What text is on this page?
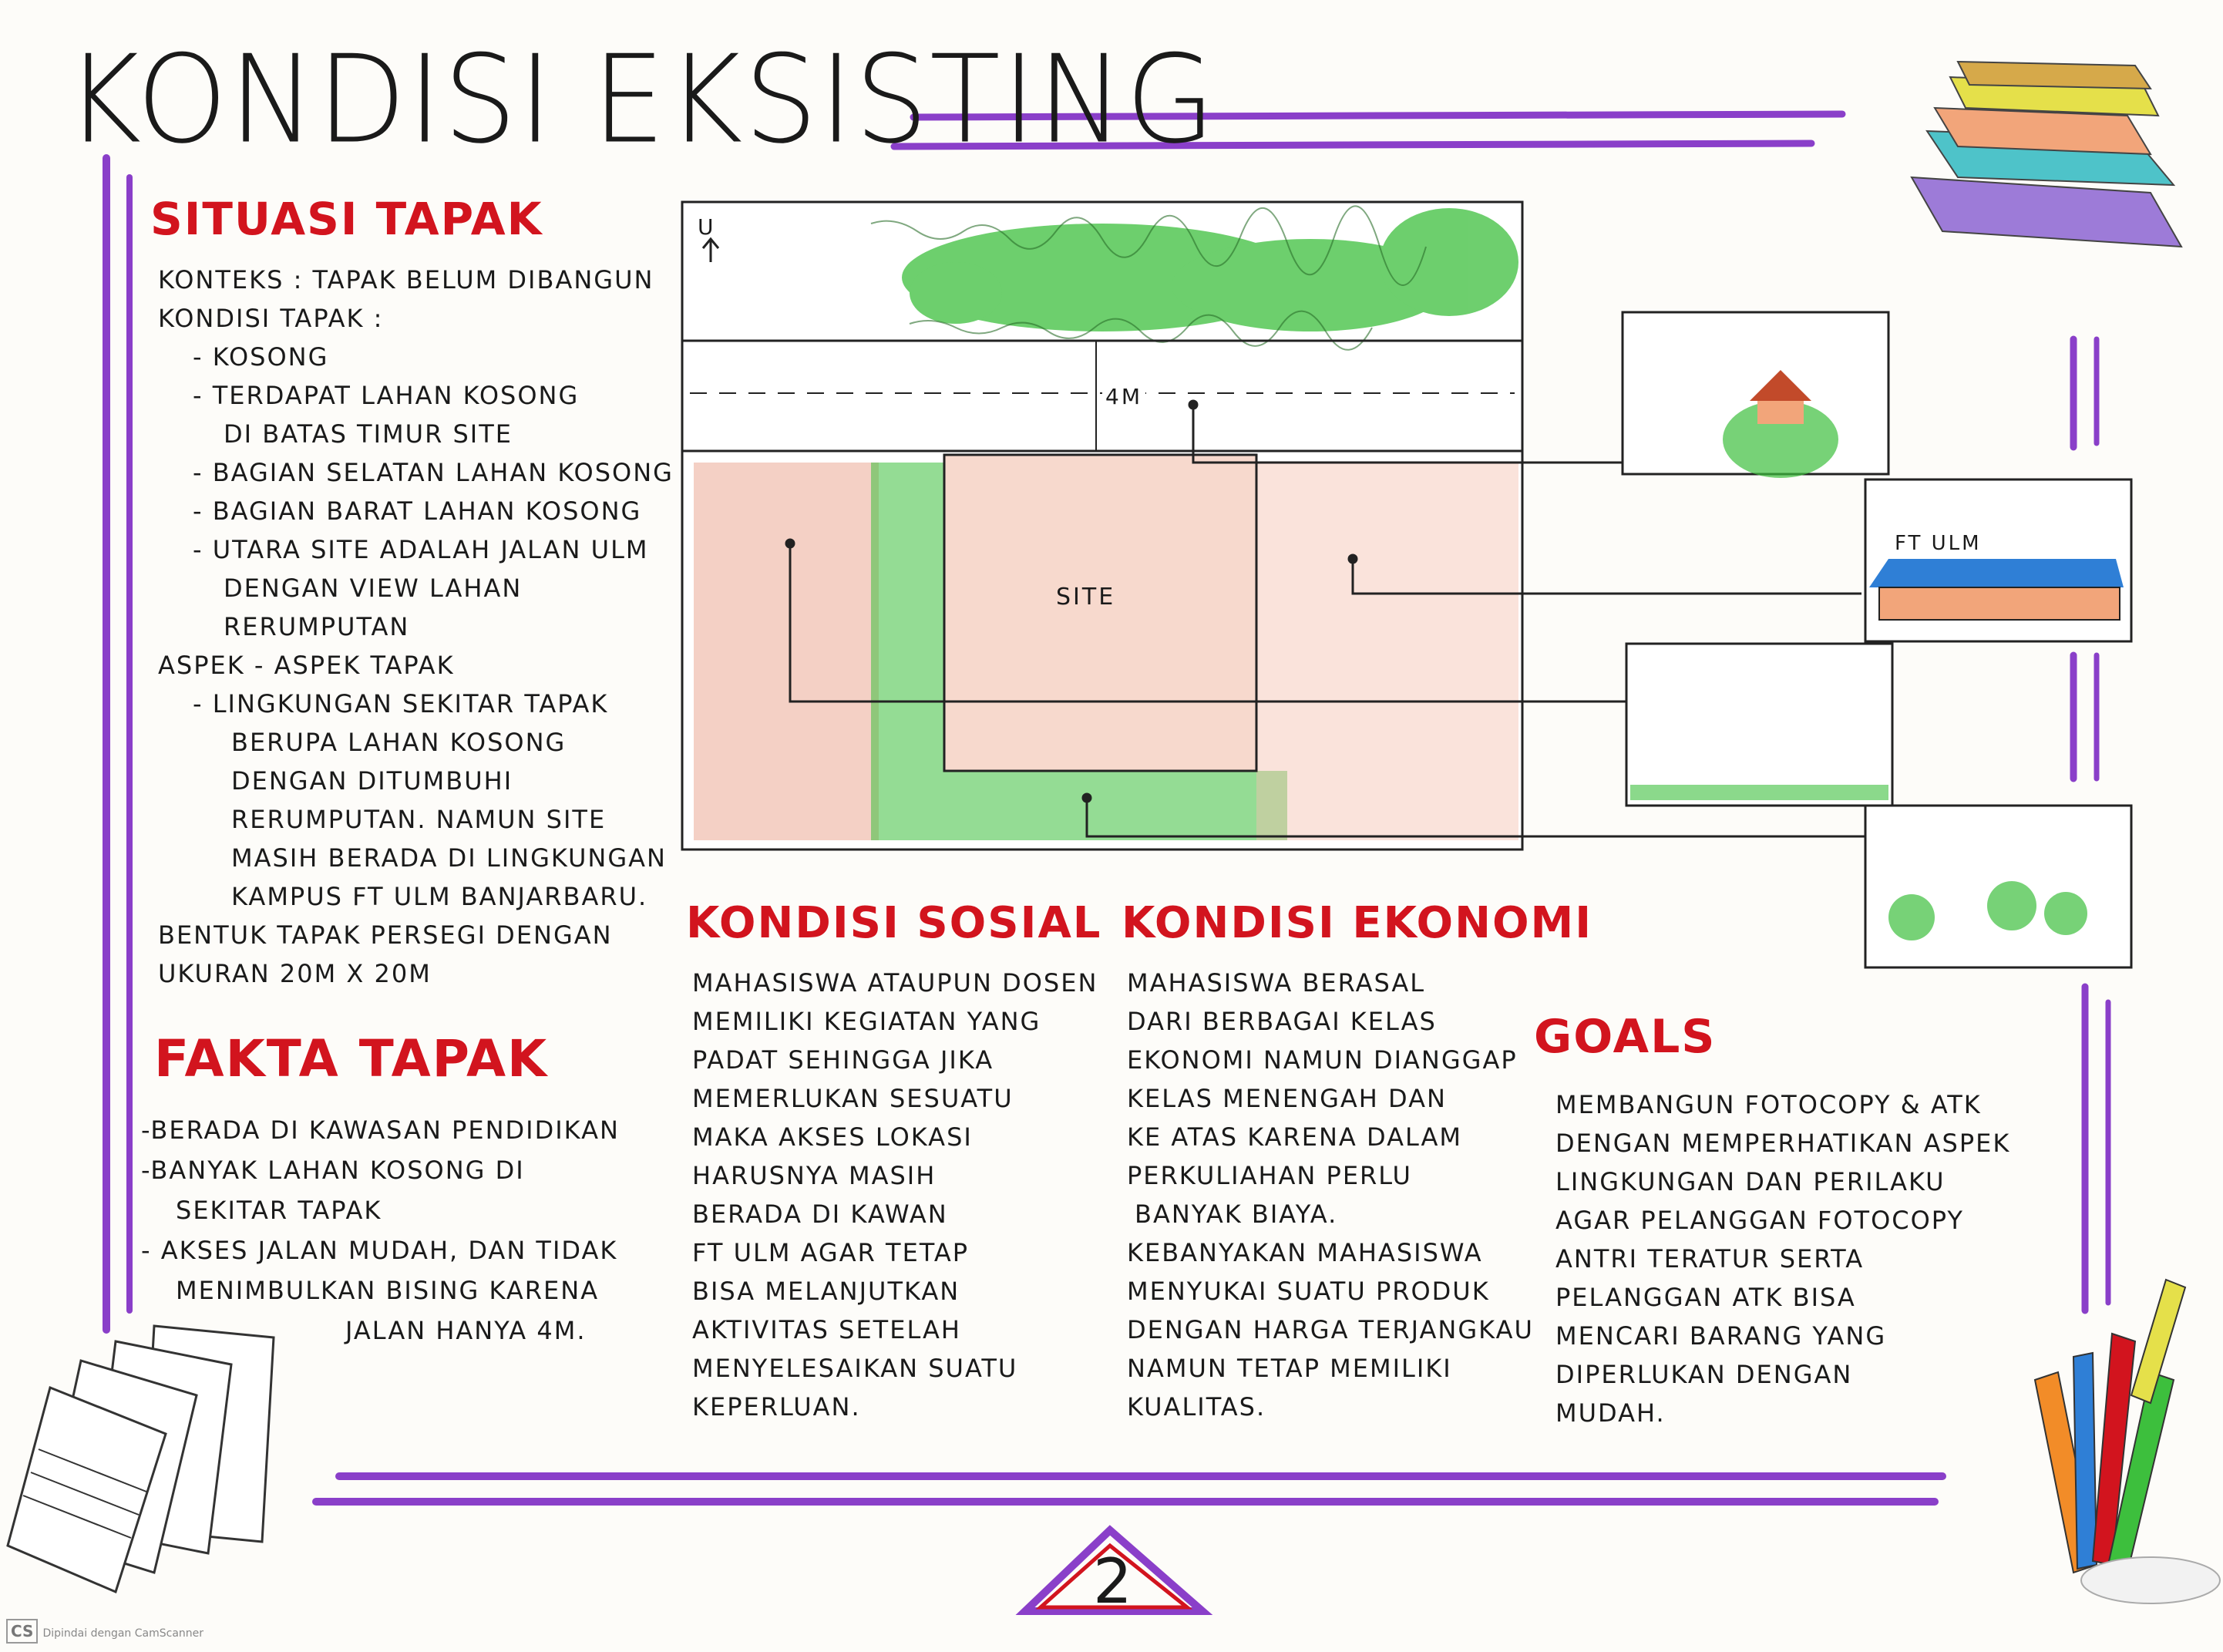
KONDISI EKSISTING
SITUASI TAPAK

KONTEKS : TAPAK BELUM DIBANGUN

KONDISI TAPAK :

- KOSONG

- TERDAPAT LAHAN KOSONG

DI BATAS TIMUR SITE

- BAGIAN SELATAN LAHAN KOSONG

- BAGIAN BARAT LAHAN KOSONG

- UTARA SITE ADALAH JALAN ULM

DENGAN VIEW LAHAN

RERUMPUTAN

ASPEK - ASPEK TAPAK

- LINGKUNGAN SEKITAR TAPAK

BERUPA LAHAN KOSONG

DENGAN DITUMBUHI

RERUMPUTAN. NAMUN SITE

MASIH BERADA DI LINGKUNGAN

KAMPUS FT ULM BANJARBARU.

BENTUK TAPAK PERSEGI DENGAN

UKURAN 20M X 20M

FAKTA TAPAK

-BERADA DI KAWASAN PENDIDIKAN

-BANYAK LAHAN KOSONG DI

SEKITAR TAPAK

- AKSES JALAN MUDAH, DAN TIDAK

MENIMBULKAN BISING KARENA

JALAN HANYA 4M.

KONDISI SOSIAL

MAHASISWA ATAUPUN DOSEN

MEMILIKI KEGIATAN YANG

PADAT SEHINGGA JIKA

MEMERLUKAN SESUATU

MAKA AKSES LOKASI

HARUSNYA MASIH

BERADA DI KAWAN

FT ULM AGAR TETAP

BISA MELANJUTKAN

AKTIVITAS SETELAH

MENYELESAIKAN SUATU

KEPERLUAN.

KONDISI EKONOMI

MAHASISWA BERASAL

DARI BERBAGAI KELAS

EKONOMI NAMUN DIANGGAP

KELAS MENENGAH DAN

KE ATAS KARENA DALAM

PERKULIAHAN PERLU

BANYAK BIAYA.

KEBANYAKAN MAHASISWA

MENYUKAI SUATU PRODUK

DENGAN HARGA TERJANGKAU

NAMUN TETAP MEMILIKI

KUALITAS.

GOALS

MEMBANGUN FOTOCOPY & ATK

DENGAN MEMPERHATIKAN ASPEK

LINGKUNGAN DAN PERILAKU

AGAR PELANGGAN FOTOCOPY

ANTRI TERATUR SERTA

PELANGGAN ATK BISA

MENCARI BARANG YANG

DIPERLUKAN DENGAN

MUDAH.

U
4M
SITE
FT ULM
2
CS Dipindai dengan CamScanner
